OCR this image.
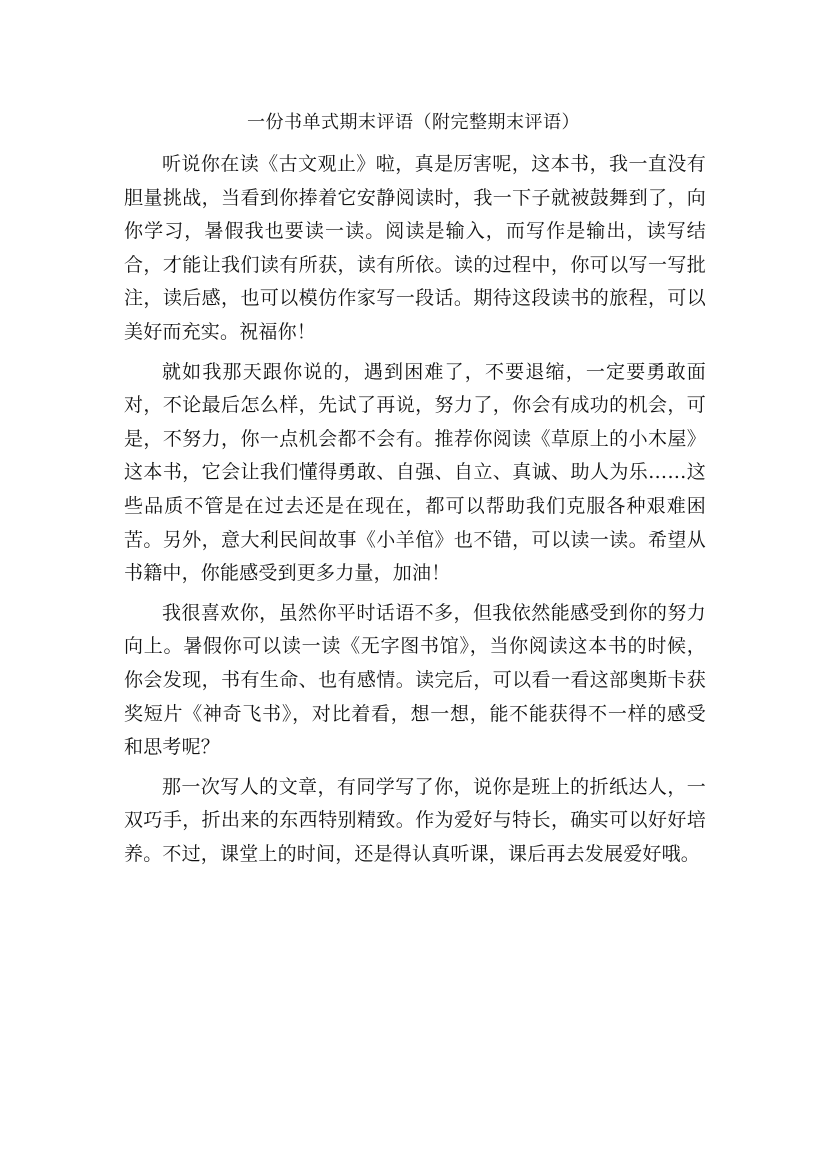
一份书单式期末评语（附完整期末评语）

听说你在读《古文观止》啦，真是厉害呢，这本书，我一直没有胆量挑战，当看到你捧着它安静阅读时，我一下子就被鼓舞到了，向你学习，暑假我也要读一读。阅读是输入，而写作是输出，读写结合，才能让我们读有所获，读有所依。读的过程中，你可以写一写批注，读后感，也可以模仿作家写一段话。期待这段读书的旅程，可以美好而充实。祝福你！

就如我那天跟你说的，遇到困难了，不要退缩，一定要勇敢面对，不论最后怎么样，先试了再说，努力了，你会有成功的机会，可是，不努力，你一点机会都不会有。推荐你阅读《草原上的小木屋》这本书，它会让我们懂得勇敢、自强、自立、真诚、助人为乐……这些品质不管是在过去还是在现在，都可以帮助我们克服各种艰难困苦。另外，意大利民间故事《小羊倌》也不错，可以读一读。希望从书籍中，你能感受到更多力量，加油！

我很喜欢你，虽然你平时话语不多，但我依然能感受到你的努力向上。暑假你可以读一读《无字图书馆》，当你阅读这本书的时候，你会发现，书有生命、也有感情。读完后，可以看一看这部奥斯卡获奖短片《神奇飞书》，对比着看，想一想，能不能获得不一样的感受和思考呢？

那一次写人的文章，有同学写了你，说你是班上的折纸达人，一双巧手，折出来的东西特别精致。作为爱好与特长，确实可以好好培养。不过，课堂上的时间，还是得认真听课，课后再去发展爱好哦。
